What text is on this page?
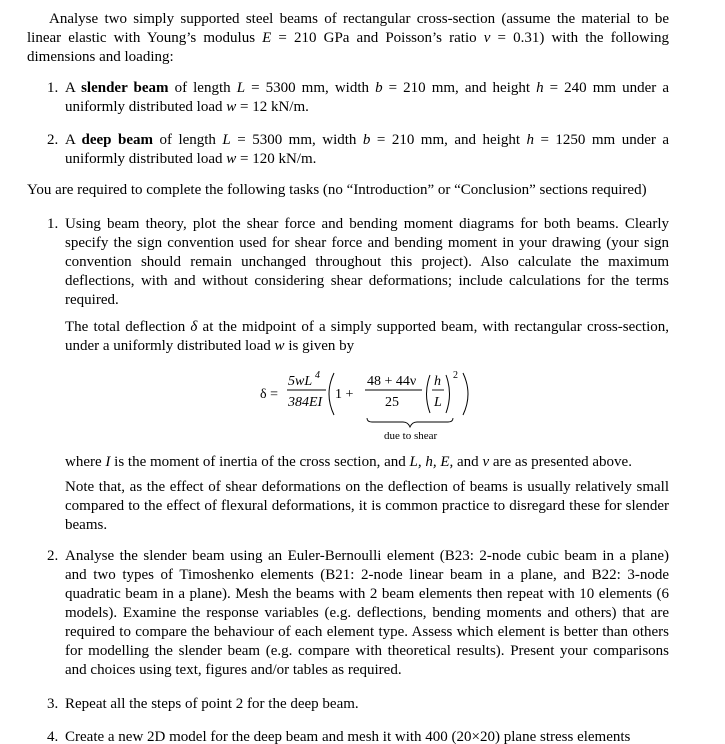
Analyse two simply supported steel beams of rectangular cross-section (assume the material to be linear elastic with Young’s modulus E = 210 GPa and Poisson’s ratio ν = 0.31) with the following dimensions and loading:

1. A slender beam of length L = 5300 mm, width b = 210 mm, and height h = 240 mm under a uniformly distributed load w = 12 kN/m.
2. A deep beam of length L = 5300 mm, width b = 210 mm, and height h = 1250 mm under a uniformly distributed load w = 120 kN/m.

You are required to complete the following tasks (no “Introduction” or “Conclusion” sections required)

1. Using beam theory, plot the shear force and bending moment diagrams for both beams. Clearly specify the sign convention used for shear force and bending moment in your drawing (your sign convention should remain unchanged throughout this project). Also calculate the maximum deflections, with and without considering shear deformations; include calculations for the terms required.

The total deflection δ at the midpoint of a simply supported beam, with rectangular cross-section, under a uniformly distributed load w is given by

δ =
5wL 4
384EI
1 +
48 + 44ν
25
h
L
2
due to shear

where I is the moment of inertia of the cross section, and L, h, E, and ν are as presented above.

Note that, as the effect of shear deformations on the deflection of beams is usually relatively small compared to the effect of flexural deformations, it is common practice to disregard these for slender beams.

2. Analyse the slender beam using an Euler-Bernoulli element (B23: 2-node cubic beam in a plane) and two types of Timoshenko elements (B21: 2-node linear beam in a plane, and B22: 3-node quadratic beam in a plane). Mesh the beams with 2 beam elements then repeat with 10 elements (6 models). Examine the response variables (e.g. deflections, bending moments and others) that are required to compare the behaviour of each element type. Assess which element is better than others for modelling the slender beam (e.g. compare with theoretical results). Present your comparisons and choices using text, figures and/or tables as required.

3. Repeat all the steps of point 2 for the deep beam.

4. Create a new 2D model for the deep beam and mesh it with 400 (20×20) plane stress elements
